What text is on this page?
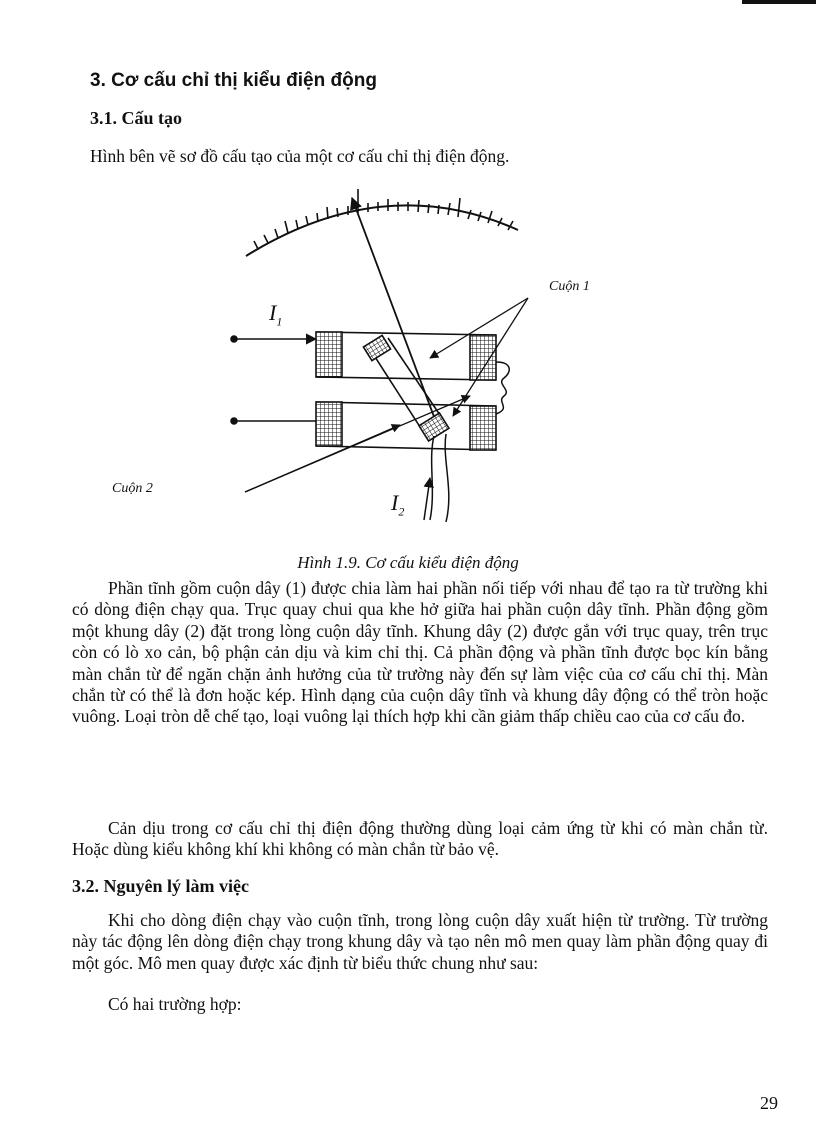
3. Cơ cấu chỉ thị kiểu điện động
3.1. Cấu tạo

Hình bên vẽ sơ đồ cấu tạo của một cơ cấu chỉ thị điện động.

Cuộn 1
Cuộn 2
$I_1$
$I_2$

Hình 1.9. Cơ cấu kiểu điện động

Phần tĩnh gồm cuộn dây (1) được chia làm hai phần nối tiếp với nhau để tạo ra từ trường khi có dòng điện chạy qua. Trục quay chui qua khe hở giữa hai phần cuộn dây tĩnh. Phần động gồm một khung dây (2) đặt trong lòng cuộn dây tĩnh. Khung dây (2) được gắn với trục quay, trên trục còn có lò xo cản, bộ phận cản dịu và kim chỉ thị. Cả phần động và phần tĩnh được bọc kín bằng màn chắn từ để ngăn chặn ảnh hưởng của từ trường này đến sự làm việc của cơ cấu chỉ thị. Màn chắn từ có thể là đơn hoặc kép. Hình dạng của cuộn dây tĩnh và khung dây động có thể tròn hoặc vuông. Loại tròn dễ chế tạo, loại vuông lại thích hợp khi cần giảm thấp chiều cao của cơ cấu đo.

Cản dịu trong cơ cấu chỉ thị điện động thường dùng loại cảm ứng từ khi có màn chắn từ. Hoặc dùng kiểu không khí khi không có màn chắn từ bảo vệ.

3.2. Nguyên lý làm việc

Khi cho dòng điện chạy vào cuộn tĩnh, trong lòng cuộn dây xuất hiện từ trường. Từ trường này tác động lên dòng điện chạy trong khung dây và tạo nên mô men quay làm phần động quay đi một góc. Mô men quay được xác định từ biểu thức chung như sau:

Có hai trường hợp:

29
